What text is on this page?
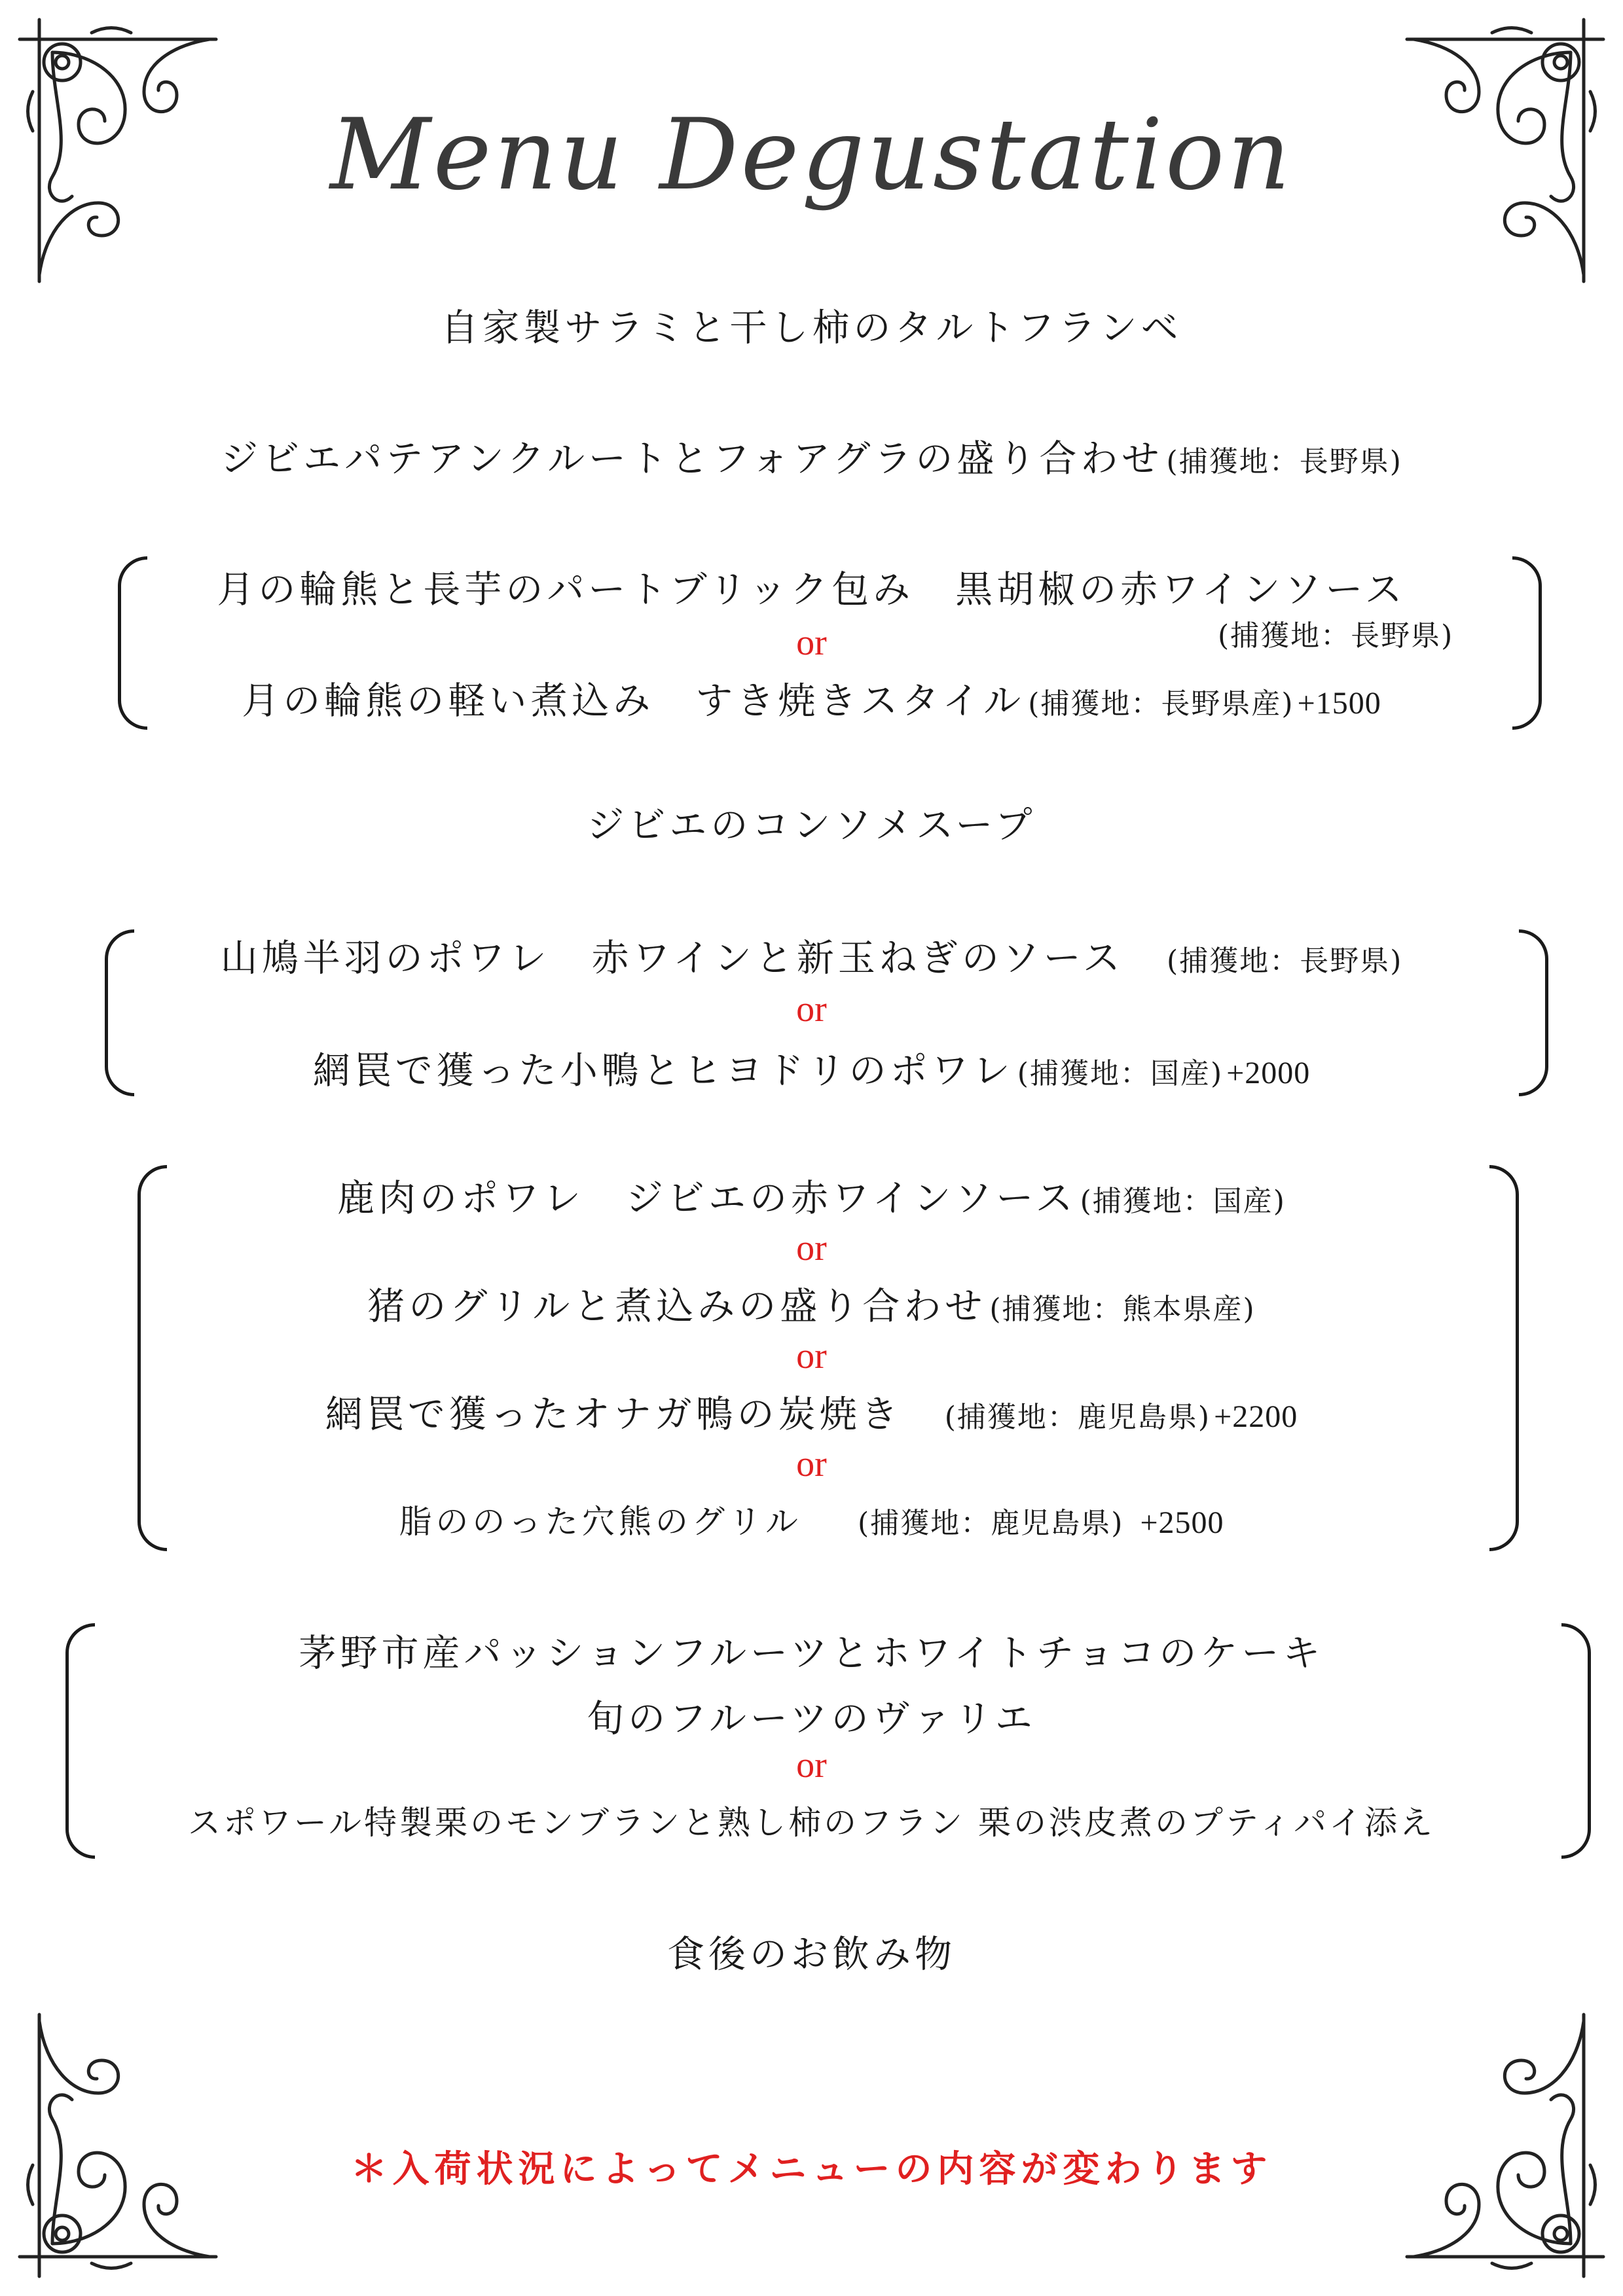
Menu Degustation
自家製サラミと干し柿のタルトフランベ
ジビエパテアンクルートとフォアグラの盛り合わせ (捕獲地：長野県)
月の輪熊と長芋のパートブリック包み　黒胡椒の赤ワインソース
(捕獲地：長野県)
or
月の輪熊の軽い煮込み　すき焼きスタイル (捕獲地：長野県産) +1500
ジビエのコンソメスープ
山鳩半羽のポワレ　赤ワインと新玉ねぎのソース (捕獲地：長野県)
or
網罠で獲った小鴨とヒヨドリのポワレ (捕獲地：国産) +2000
鹿肉のポワレ　ジビエの赤ワインソース (捕獲地：国産)
or
猪のグリルと煮込みの盛り合わせ (捕獲地：熊本県産)
or
網罠で獲ったオナガ鴨の炭焼き (捕獲地：鹿児島県) +2200
or
脂ののった穴熊のグリル (捕獲地：鹿児島県) +2500
茅野市産パッションフルーツとホワイトチョコのケーキ
旬のフルーツのヴァリエ
or
スポワール特製栗のモンブランと熟し柿のフラン 栗の渋皮煮のプティパイ添え
食後のお飲み物
＊入荷状況によってメニューの内容が変わります
